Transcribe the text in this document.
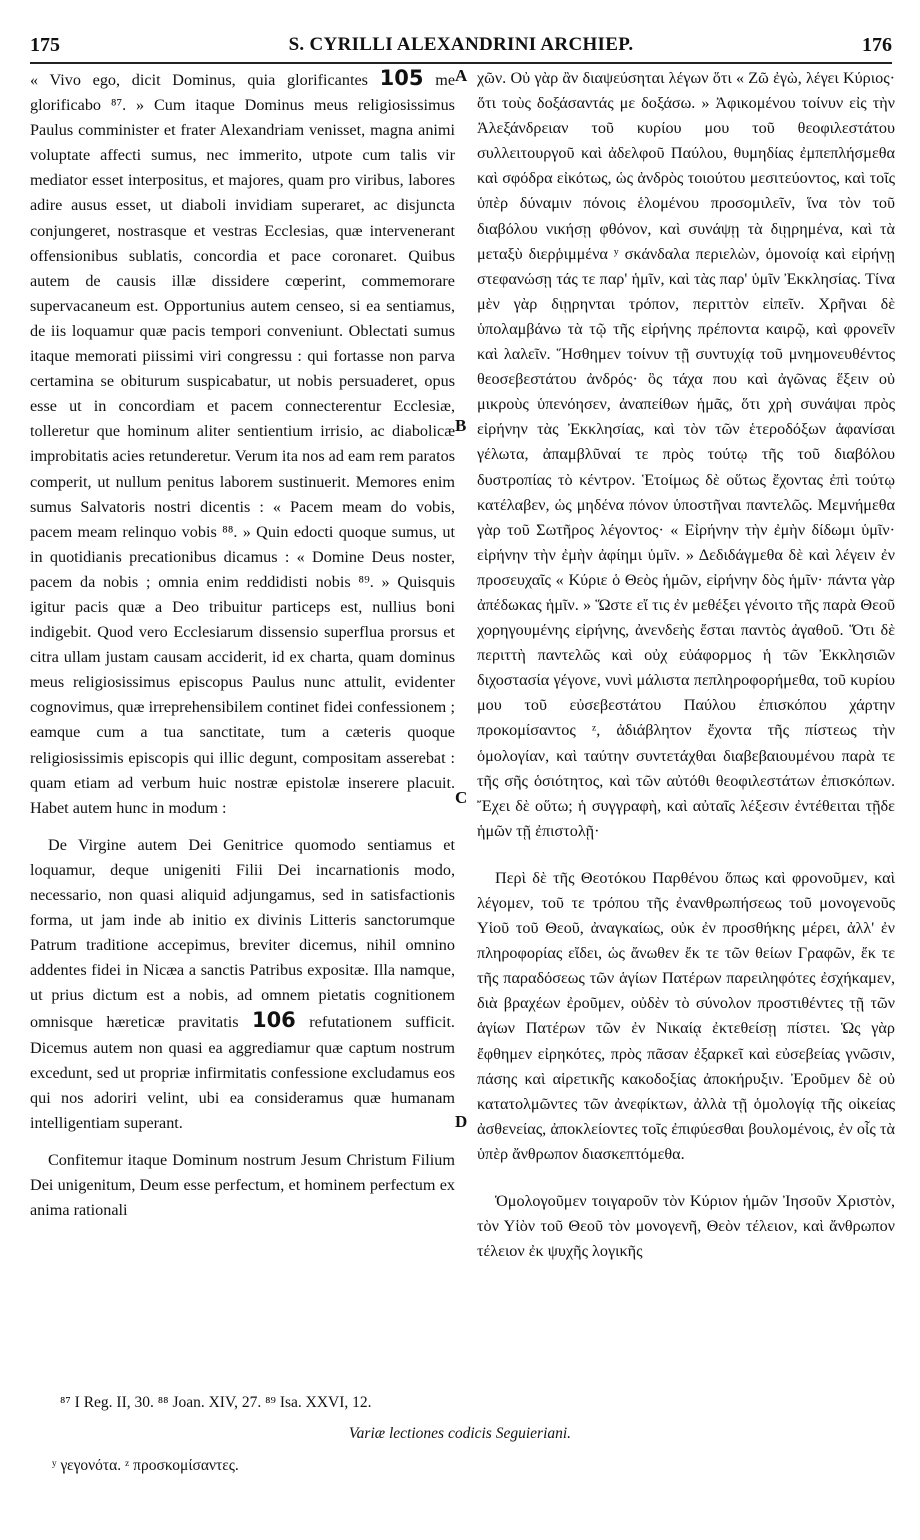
175	S. CYRILLI ALEXANDRINI ARCHIEP.	176

« Vivo ego, dicit Dominus, quia glorificantes 105 me glorificabo ⁸⁷. » Cum itaque Dominus meus religiosissimus Paulus comminister et frater Alexandriam venisset, magna animi voluptate affecti sumus, nec immerito, utpote cum talis vir mediator esset interpositus, et majores, quam pro viribus, labores adire ausus esset, ut diaboli invidiam superaret, ac disjuncta conjungeret, nostrasque et vestras Ecclesias, quæ intervenerant offensionibus sublatis, concordia et pace coronaret. Quibus autem de causis illæ dissidere cœperint, commemorare supervacaneum est. Opportunius autem censeo, si ea sentiamus, de iis loquamur quæ pacis tempori conveniunt. Oblectati sumus itaque memorati piissimi viri congressu : qui fortasse non parva certamina se obiturum suspicabatur, ut nobis persuaderet, opus esse ut in concordiam et pacem connecterentur Ecclesiæ, tolleretur que hominum aliter sentientium irrisio, ac diabolicæ improbitatis acies retunderetur. Verum ita nos ad eam rem paratos comperit, ut nullum penitus laborem sustinuerit. Memores enim sumus Salvatoris nostri dicentis : « Pacem meam do vobis, pacem meam relinquo vobis ⁸⁸. » Quin edocti quoque sumus, ut in quotidianis precationibus dicamus : « Domine Deus noster, pacem da nobis ; omnia enim reddidisti nobis ⁸⁹. » Quisquis igitur pacis quæ a Deo tribuitur particeps est, nullius boni indigebit. Quod vero Ecclesiarum dissensio superflua prorsus et citra ullam justam causam acciderit, id ex charta, quam dominus meus religiosissimus episcopus Paulus nunc attulit, evidenter cognovimus, quæ irreprehensibilem continet fidei confessionem ; eamque cum a tua sanctitate, tum a cæteris quoque religiosissimis episcopis qui illic degunt, compositam asserebat : quam etiam ad verbum huic nostræ epistolæ inserere placuit. Habet autem hunc in modum :

De Virgine autem Dei Genitrice quomodo sentiamus et loquamur, deque unigeniti Filii Dei incarnationis modo, necessario, non quasi aliquid adjungamus, sed in satisfactionis forma, ut jam inde ab initio ex divinis Litteris sanctorumque Patrum traditione accepimus, breviter dicemus, nihil omnino addentes fidei in Nicæa a sanctis Patribus expositæ. Illa namque, ut prius dictum est a nobis, ad omnem pietatis cognitionem omnisque hæreticæ pravitatis 106 refutationem sufficit. Dicemus autem non quasi ea aggrediamur quæ captum nostrum excedunt, sed ut propriæ infirmitatis confessione excludamus eos qui nos adoriri velint, ubi ea consideramus quæ humanam intelligentiam superant.

Confitemur itaque Dominum nostrum Jesum Christum Filium Dei unigenitum, Deum esse perfectum, et hominem perfectum ex anima rationali

A
B
C
D

χῶν. Οὐ γὰρ ἂν διαψεύσηται λέγων ὅτι « Ζῶ ἐγὼ, λέγει Κύριος· ὅτι τοὺς δοξάσαντάς με δοξάσω. » Ἀφικομένου τοίνυν εἰς τὴν Ἀλεξάνδρειαν τοῦ κυρίου μου τοῦ θεοφιλεστάτου συλλειτουργοῦ καὶ ἀδελφοῦ Παύλου, θυμηδίας ἐμπεπλήσμεθα καὶ σφόδρα εἰκότως, ὡς ἀνδρὸς τοιούτου μεσιτεύοντος, καὶ τοῖς ὑπὲρ δύναμιν πόνοις ἑλομένου προσομιλεῖν, ἵνα τὸν τοῦ διαβόλου νικήσῃ φθόνον, καὶ συνάψῃ τὰ διῃρημένα, καὶ τὰ μεταξὺ διερῥιμμένα ʸ σκάνδαλα περιελὼν, ὁμονοίᾳ καὶ εἰρήνῃ στεφανώσῃ τάς τε παρ' ἡμῖν, καὶ τὰς παρ' ὑμῖν Ἐκκλησίας. Τίνα μὲν γὰρ διῃρηνται τρόπον, περιττὸν εἰπεῖν. Χρῆναι δὲ ὑπολαμβάνω τὰ τῷ τῆς εἰρήνης πρέποντα καιρῷ, καὶ φρονεῖν καὶ λαλεῖν. Ἥσθημεν τοίνυν τῇ συντυχίᾳ τοῦ μνημονευθέντος θεοσεβεστάτου ἀνδρός· ὃς τάχα που καὶ ἀγῶνας ἕξειν οὐ μικροὺς ὑπενόησεν, ἀναπείθων ἡμᾶς, ὅτι χρὴ συνάψαι πρὸς εἰρήνην τὰς Ἐκκλησίας, καὶ τὸν τῶν ἑτεροδόξων ἀφανίσαι γέλωτα, ἀπαμβλῦναί τε πρὸς τούτῳ τῆς τοῦ διαβόλου δυστροπίας τὸ κέντρον. Ἑτοίμως δὲ οὕτως ἔχοντας ἐπὶ τούτῳ κατέλαβεν, ὡς μηδένα πόνον ὑποστῆναι παντελῶς. Μεμνήμεθα γὰρ τοῦ Σωτῆρος λέγοντος· « Εἰρήνην τὴν ἐμὴν δίδωμι ὑμῖν· εἰρήνην τὴν ἐμὴν ἀφίημι ὑμῖν. » Δεδιδάγμεθα δὲ καὶ λέγειν ἐν προσευχαῖς « Κύριε ὁ Θεὸς ἡμῶν, εἰρήνην δὸς ἡμῖν· πάντα γὰρ ἀπέδωκας ἡμῖν. » Ὥστε εἴ τις ἐν μεθέξει γένοιτο τῆς παρὰ Θεοῦ χορηγουμένης εἰρήνης, ἀνενδεὴς ἔσται παντὸς ἀγαθοῦ. Ὅτι δὲ περιττὴ παντελῶς καὶ οὐχ εὐάφορμος ἡ τῶν Ἐκκλησιῶν διχοστασία γέγονε, νυνὶ μάλιστα πεπληροφορήμεθα, τοῦ κυρίου μου τοῦ εὐσεβεστάτου Παύλου ἐπισκόπου χάρτην προκομίσαντος ᶻ, ἀδιάβλητον ἔχοντα τῆς πίστεως τὴν ὁμολογίαν, καὶ ταύτην συντετάχθαι διαβεβαιουμένου παρὰ τε τῆς σῆς ὁσιότητος, καὶ τῶν αὐτόθι θεοφιλεστάτων ἐπισκόπων. Ἔχει δὲ οὕτω; ἡ συγγραφὴ, καὶ αὐταῖς λέξεσιν ἐντέθειται τῇδε ἡμῶν τῇ ἐπιστολῇ·

Περὶ δὲ τῆς Θεοτόκου Παρθένου ὅπως καὶ φρονοῦμεν, καὶ λέγομεν, τοῦ τε τρόπου τῆς ἐνανθρωπήσεως τοῦ μονογενοῦς Υἱοῦ τοῦ Θεοῦ, ἀναγκαίως, οὐκ ἐν προσθήκης μέρει, ἀλλ' ἐν πληροφορίας εἴδει, ὡς ἄνωθεν ἔκ τε τῶν θείων Γραφῶν, ἔκ τε τῆς παραδόσεως τῶν ἁγίων Πατέρων παρειληφότες ἐσχήκαμεν, διὰ βραχέων ἐροῦμεν, οὐδὲν τὸ σύνολον προστιθέντες τῇ τῶν ἁγίων Πατέρων τῶν ἐν Νικαίᾳ ἐκτεθείσῃ πίστει. Ὡς γὰρ ἔφθημεν εἰρηκότες, πρὸς πᾶσαν ἐξαρκεῖ καὶ εὐσεβείας γνῶσιν, πάσης καὶ αἱρετικῆς κακοδοξίας ἀποκήρυξιν. Ἐροῦμεν δὲ οὐ κατατολμῶντες τῶν ἀνεφίκτων, ἀλλὰ τῇ ὁμολογίᾳ τῆς οἰκείας ἀσθενείας, ἀποκλείοντες τοῖς ἐπιφύεσθαι βουλομένοις, ἐν οἷς τὰ ὑπὲρ ἄνθρωπον διασκεπτόμεθα.

Ὁμολογοῦμεν τοιγαροῦν τὸν Κύριον ἡμῶν Ἰησοῦν Χριστὸν, τὸν Υἱὸν τοῦ Θεοῦ τὸν μονογενῆ, Θεὸν τέλειον, καὶ ἄνθρωπον τέλειον ἐκ ψυχῆς λογικῆς

⁸⁷ I Reg. II, 30. ⁸⁸ Joan. XIV, 27. ⁸⁹ Isa. XXVI, 12.
Variæ lectiones codicis Seguieriani.
ʸ γεγονότα. ᶻ προσκομίσαντες.
